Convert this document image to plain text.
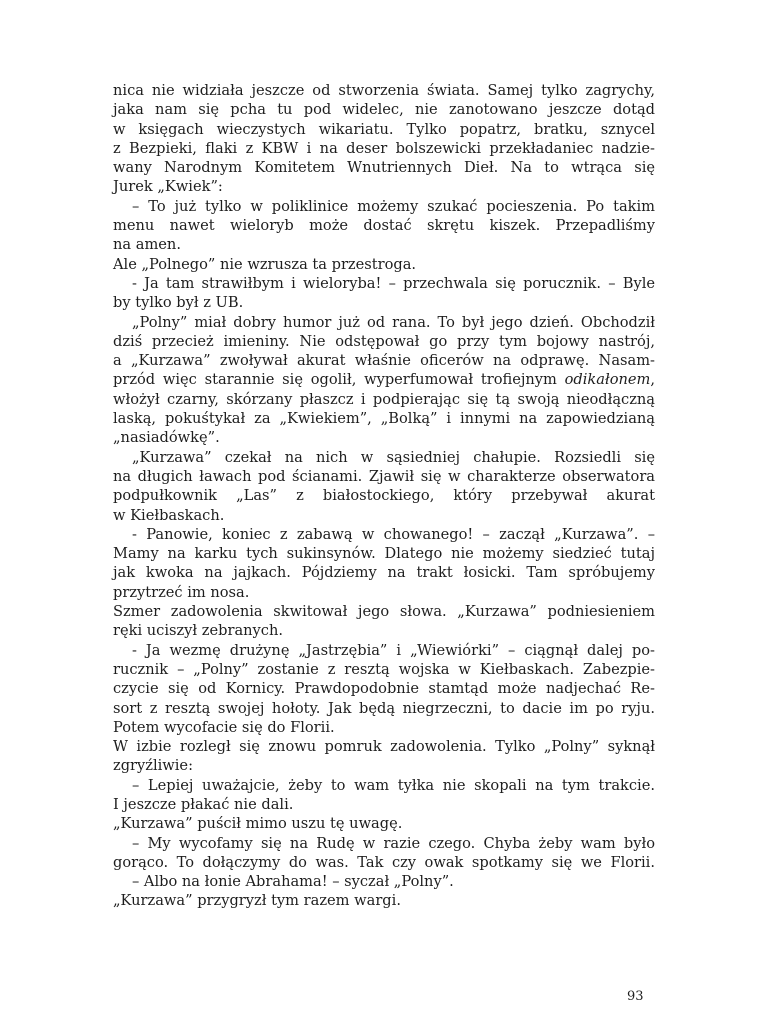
nica nie widziała jeszcze od stworzenia świata. Samej tylko zagrychy,
jaka nam się pcha tu pod widelec, nie zanotowano jeszcze dotąd
w księgach wieczystych wikariatu. Tylko popatrz, bratku, sznycel
z Bezpieki, flaki z KBW i na deser bolszewicki przekładaniec nadzie-
wany Narodnym Komitetem Wnutriennych Dieł. Na to wtrąca się
Jurek „Kwiek”:
– To już tylko w poliklinice możemy szukać pocieszenia. Po takim
menu nawet wieloryb może dostać skrętu kiszek. Przepadliśmy
na amen.
Ale „Polnego” nie wzrusza ta przestroga.
- Ja tam strawiłbym i wieloryba! – przechwala się porucznik. – Byle
by tylko był z UB.
„Polny” miał dobry humor już od rana. To był jego dzień. Obchodził
dziś przecież imieniny. Nie odstępował go przy tym bojowy nastrój,
a „Kurzawa” zwoływał akurat właśnie oficerów na odprawę. Nasam-
przód więc starannie się ogolił, wyperfumował trofiejnym odikałonem,
włożył czarny, skórzany płaszcz i podpierając się tą swoją nieodłączną
laską, pokuśtykał za „Kwiekiem”, „Bolką” i innymi na zapowiedzianą
„nasiadówkę”.
„Kurzawa” czekał na nich w sąsiedniej chałupie. Rozsiedli się
na długich ławach pod ścianami. Zjawił się w charakterze obserwatora
podpułkownik „Las” z białostockiego, który przebywał akurat
w Kiełbaskach.
- Panowie, koniec z zabawą w chowanego! – zaczął „Kurzawa”. –
Mamy na karku tych sukinsynów. Dlatego nie możemy siedzieć tutaj
jak kwoka na jajkach. Pójdziemy na trakt łosicki. Tam spróbujemy
przytrzeć im nosa.
Szmer zadowolenia skwitował jego słowa. „Kurzawa” podniesieniem
ręki uciszył zebranych.
- Ja wezmę drużynę „Jastrzębia” i „Wiewiórki” – ciągnął dalej po-
rucznik – „Polny” zostanie z resztą wojska w Kiełbaskach. Zabezpie-
czycie się od Kornicy. Prawdopodobnie stamtąd może nadjechać Re-
sort z resztą swojej hołoty. Jak będą niegrzeczni, to dacie im po ryju.
Potem wycofacie się do Florii.
W izbie rozległ się znowu pomruk zadowolenia. Tylko „Polny” syknął
zgryźliwie:
– Lepiej uważajcie, żeby to wam tyłka nie skopali na tym trakcie.
I jeszcze płakać nie dali.
„Kurzawa” puścił mimo uszu tę uwagę.
– My wycofamy się na Rudę w razie czego. Chyba żeby wam było
gorąco. To dołączymy do was. Tak czy owak spotkamy się we Florii.
– Albo na łonie Abrahama! – syczał „Polny”.
„Kurzawa” przygryzł tym razem wargi.
93
